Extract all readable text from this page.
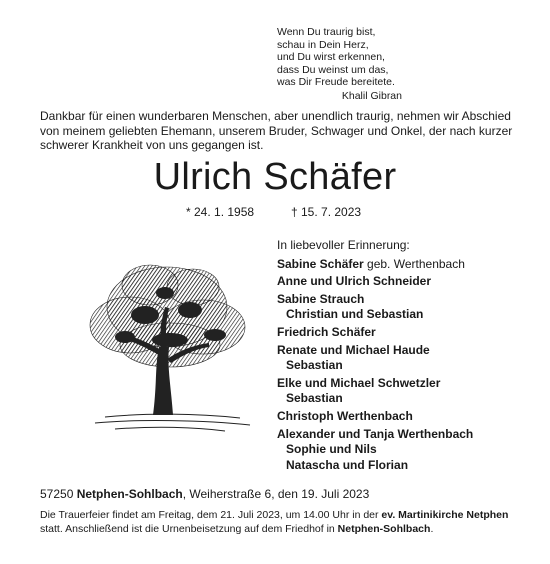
Wenn Du traurig bist,
schau in Dein Herz,
und Du wirst erkennen,
dass Du weinst um das,
was Dir Freude bereitete.
Khalil Gibran
Dankbar für einen wunderbaren Menschen, aber unendlich traurig, nehmen wir Abschied
von meinem geliebten Ehemann, unserem Bruder, Schwager und Onkel, der nach kurzer
schwerer Krankheit von uns gegangen ist.
Ulrich Schäfer
* 24. 1. 1958	† 15. 7. 2023
In liebevoller Erinnerung:
Sabine Schäfer geb. Werthenbach
Anne und Ulrich Schneider
Sabine Strauch
Christian und Sebastian
Friedrich Schäfer
Renate und Michael Haude
Sebastian
Elke und Michael Schwetzler
Sebastian
Christoph Werthenbach
Alexander und Tanja Werthenbach
Sophie und Nils
Natascha und Florian
57250 Netphen-Sohlbach, Weiherstraße 6, den 19. Juli 2023
Die Trauerfeier findet am Freitag, dem 21. Juli 2023, um 14.00 Uhr in der ev. Martinikirche Netphen
statt. Anschließend ist die Urnenbeisetzung auf dem Friedhof in Netphen-Sohlbach.
